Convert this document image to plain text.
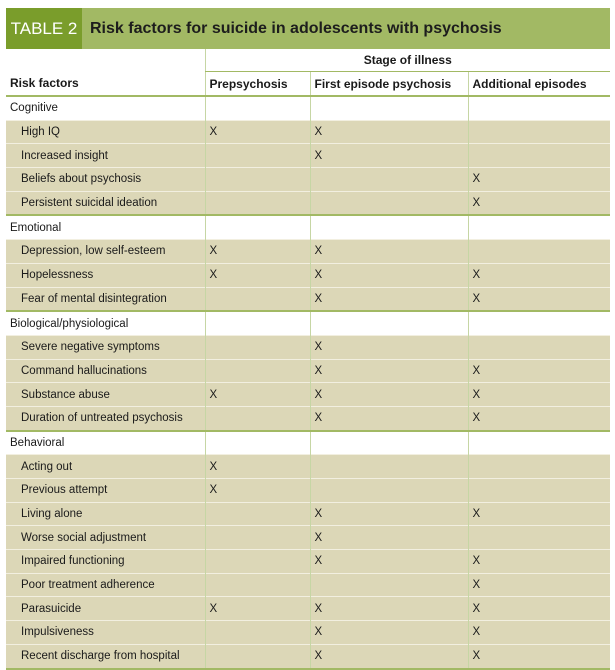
TABLE 2 Risk factors for suicide in adolescents with psychosis
	Stage of illness		
Risk factors	Prepsychosis	First episode psychosis	Additional episodes
Cognitive			
High IQ	X	X	
Increased insight		X	
Beliefs about psychosis			X
Persistent suicidal ideation			X
Emotional			
Depression, low self-esteem	X	X	
Hopelessness	X	X	X
Fear of mental disintegration		X	X
Biological/physiological			
Severe negative symptoms		X	
Command hallucinations		X	X
Substance abuse	X	X	X
Duration of untreated psychosis		X	X
Behavioral			
Acting out	X		
Previous attempt	X		
Living alone		X	X
Worse social adjustment		X	
Impaired functioning		X	X
Poor treatment adherence			X
Parasuicide	X	X	X
Impulsiveness		X	X
Recent discharge from hospital		X	X
